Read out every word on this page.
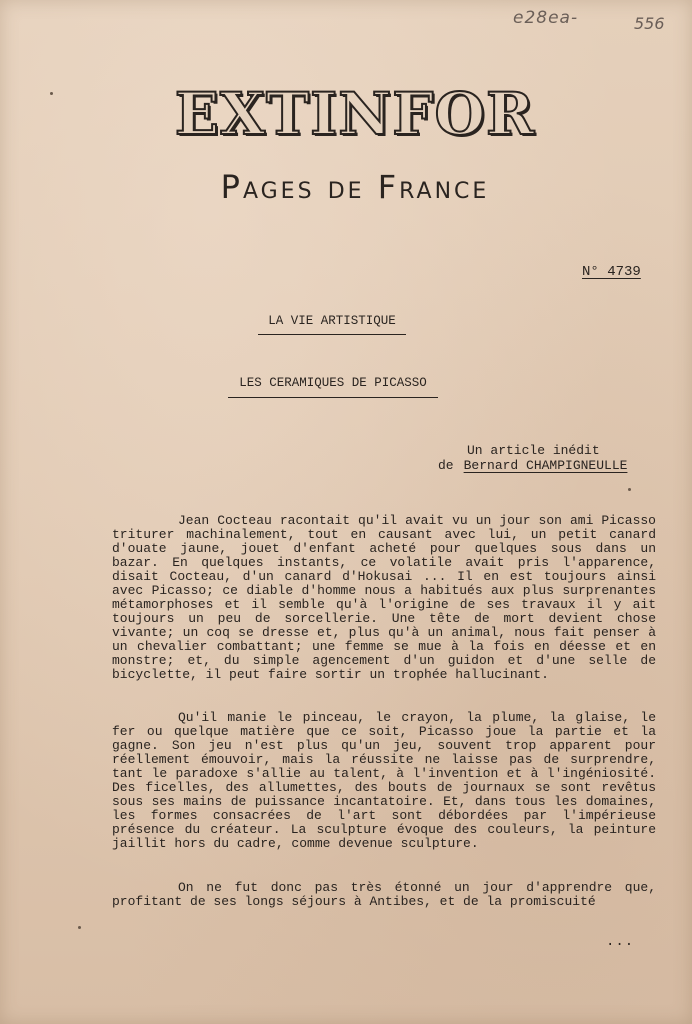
e28ea-	556
EXTINFOR
Pages de France
N° 4739
LA VIE ARTISTIQUE
LES CERAMIQUES DE PICASSO
Un article inédit
de Bernard CHAMPIGNEULLE
Jean Cocteau racontait qu'il avait vu un jour son ami Picasso triturer machinalement, tout en causant avec lui, un petit canard d'ouate jaune, jouet d'enfant acheté pour quelques sous dans un bazar. En quelques instants, ce volatile avait pris l'apparence, disait Cocteau, d'un canard d'Hokusai ... Il en est toujours ainsi avec Picasso; ce diable d'homme nous a habitués aux plus surprenantes métamorphoses et il semble qu'à l'origine de ses travaux il y ait toujours un peu de sorcellerie. Une tête de mort devient chose vivante; un coq se dresse et, plus qu'à un animal, nous fait penser à un chevalier combattant; une femme se mue à la fois en déesse et en monstre; et, du simple agencement d'un guidon et d'une selle de bicyclette, il peut faire sortir un trophée hallucinant.
Qu'il manie le pinceau, le crayon, la plume, la glaise, le fer ou quelque matière que ce soit, Picasso joue la partie et la gagne. Son jeu n'est plus qu'un jeu, souvent trop apparent pour réellement émouvoir, mais la réussite ne laisse pas de surprendre, tant le paradoxe s'allie au talent, à l'invention et à l'ingéniosité. Des ficelles, des allumettes, des bouts de journaux se sont revêtus sous ses mains de puissance incantatoire. Et, dans tous les domaines, les formes consacrées de l'art sont débordées par l'impérieuse présence du créateur. La sculpture évoque des couleurs, la peinture jaillit hors du cadre, comme devenue sculpture.
On ne fut donc pas très étonné un jour d'apprendre que, profitant de ses longs séjours à Antibes, et de la promiscuité
...
